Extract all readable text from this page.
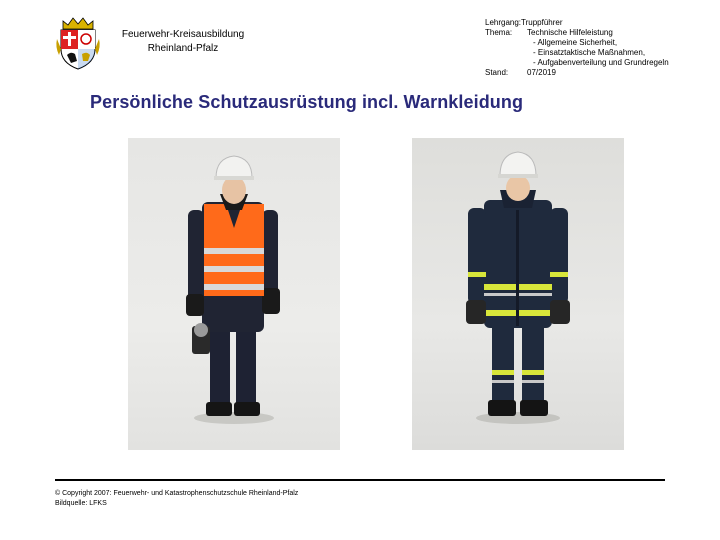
Feuerwehr-Kreisausbildung
Rheinland-Pfalz
Lehrgang: Truppführer
Thema:	Technische Hilfeleistung
- Allgemeine Sicherheit,
- Einsatztaktische Maßnahmen,
- Aufgabenverteilung und Grundregeln
Stand:	07/2019
Persönliche Schutzausrüstung incl. Warnkleidung
© Copyright 2007: Feuerwehr- und Katastrophenschutzschule Rheinland-Pfalz
Bildquelle: LFKS
